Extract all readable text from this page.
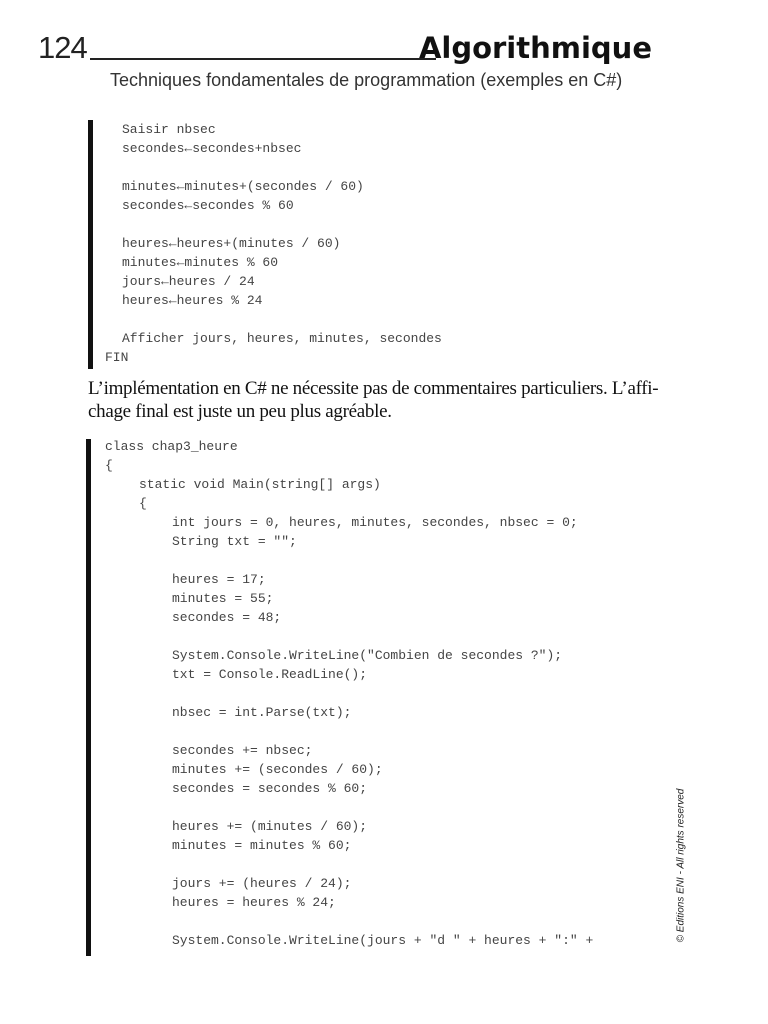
124	Algorithmique
Techniques fondamentales de programmation (exemples en C#)
Saisir nbsec
secondes←secondes+nbsec
minutes←minutes+(secondes / 60)
secondes←secondes % 60
heures←heures+(minutes / 60)
minutes←minutes % 60
jours←heures / 24
heures←heures % 24
Afficher jours, heures, minutes, secondes
FIN
L’implémentation en C# ne nécessite pas de commentaires particuliers. L’affi-
chage final est juste un peu plus agréable.
class chap3_heure
{
static void Main(string[] args)
{
int jours = 0, heures, minutes, secondes, nbsec = 0;
String txt = "";
heures = 17;
minutes = 55;
secondes = 48;
System.Console.WriteLine("Combien de secondes ?");
txt = Console.ReadLine();
nbsec = int.Parse(txt);
secondes += nbsec;
minutes += (secondes / 60);
secondes = secondes % 60;
heures += (minutes / 60);
minutes = minutes % 60;
jours += (heures / 24);
heures = heures % 24;
System.Console.WriteLine(jours + "d " + heures + ":" +	© Editions ENI - All rights reserved
